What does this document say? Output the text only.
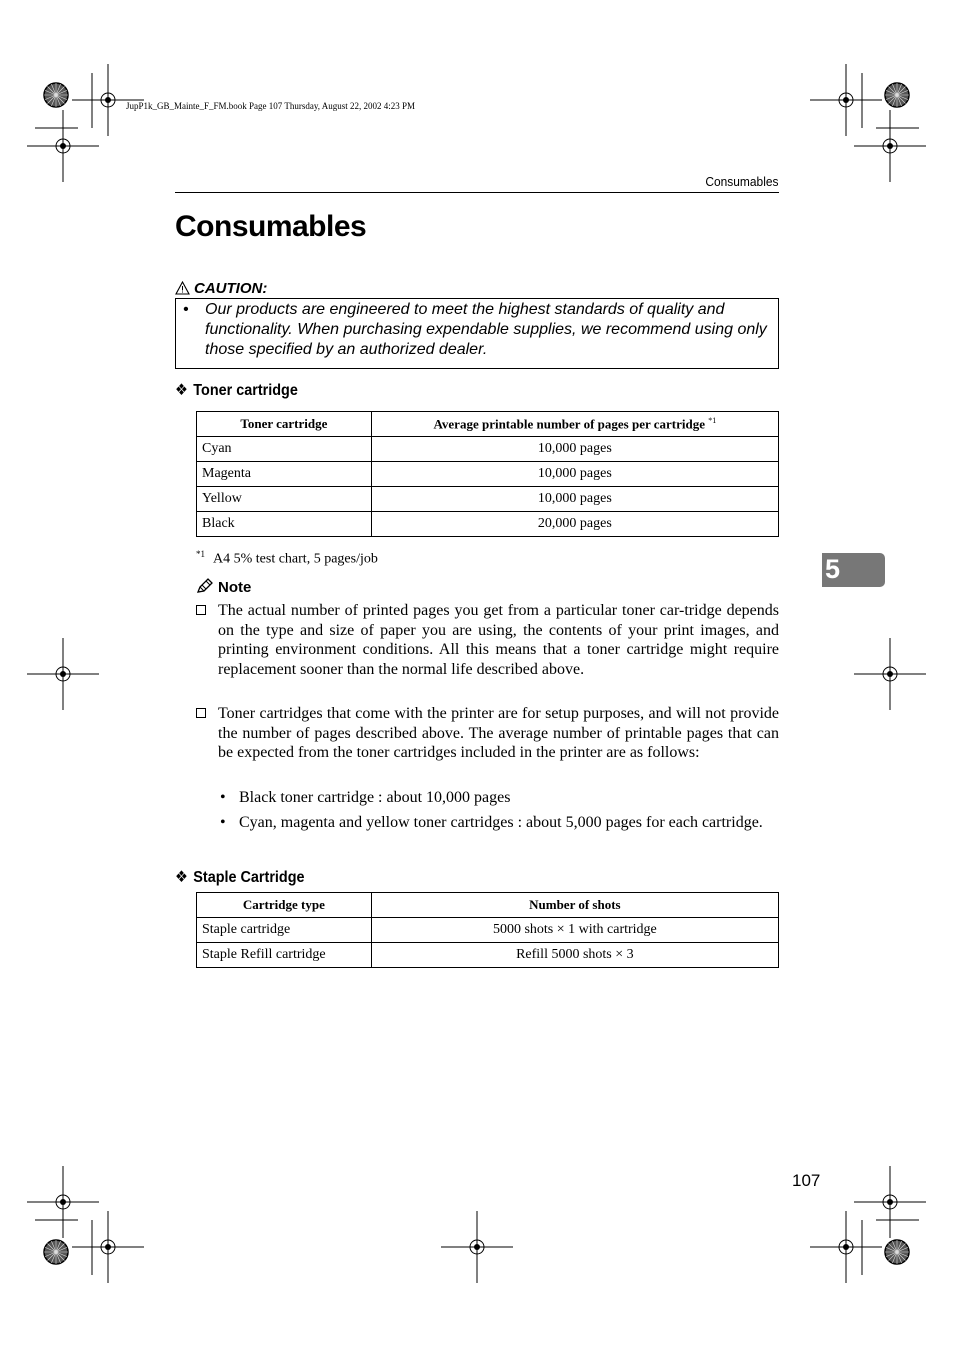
JupP1k_GB_Mainte_F_FM.book Page 107 Thursday, August 22, 2002 4:23 PM
Consumables
Consumables
CAUTION:
• Our products are engineered to meet the highest standards of quality and functionality. When purchasing expendable supplies, we recommend using only those specified by an authorized dealer.
❖ Toner cartridge
Toner cartridge	Average printable number of pages per cartridge $^{*1}$
Cyan	10,000 pages
Magenta	10,000 pages
Yellow	10,000 pages
Black	20,000 pages
$^{*1}$ A4 5% test chart, 5 pages/job
Note
The actual number of printed pages you get from a particular toner car-tridge depends on the type and size of paper you are using, the contents of your print images, and printing environment conditions. All this means that a toner cartridge might require replacement sooner than the normal life described above.
Toner cartridges that come with the printer are for setup purposes, and will not provide the number of pages described above. The average number of printable pages that can be expected from the toner cartridges included in the printer are as follows:
• Black toner cartridge : about 10,000 pages
• Cyan, magenta and yellow toner cartridges : about 5,000 pages for each cartridge.
❖ Staple Cartridge
Cartridge type	Number of shots
Staple cartridge	5000 shots × 1 with cartridge
Staple Refill cartridge	Refill 5000 shots × 3
5
107
